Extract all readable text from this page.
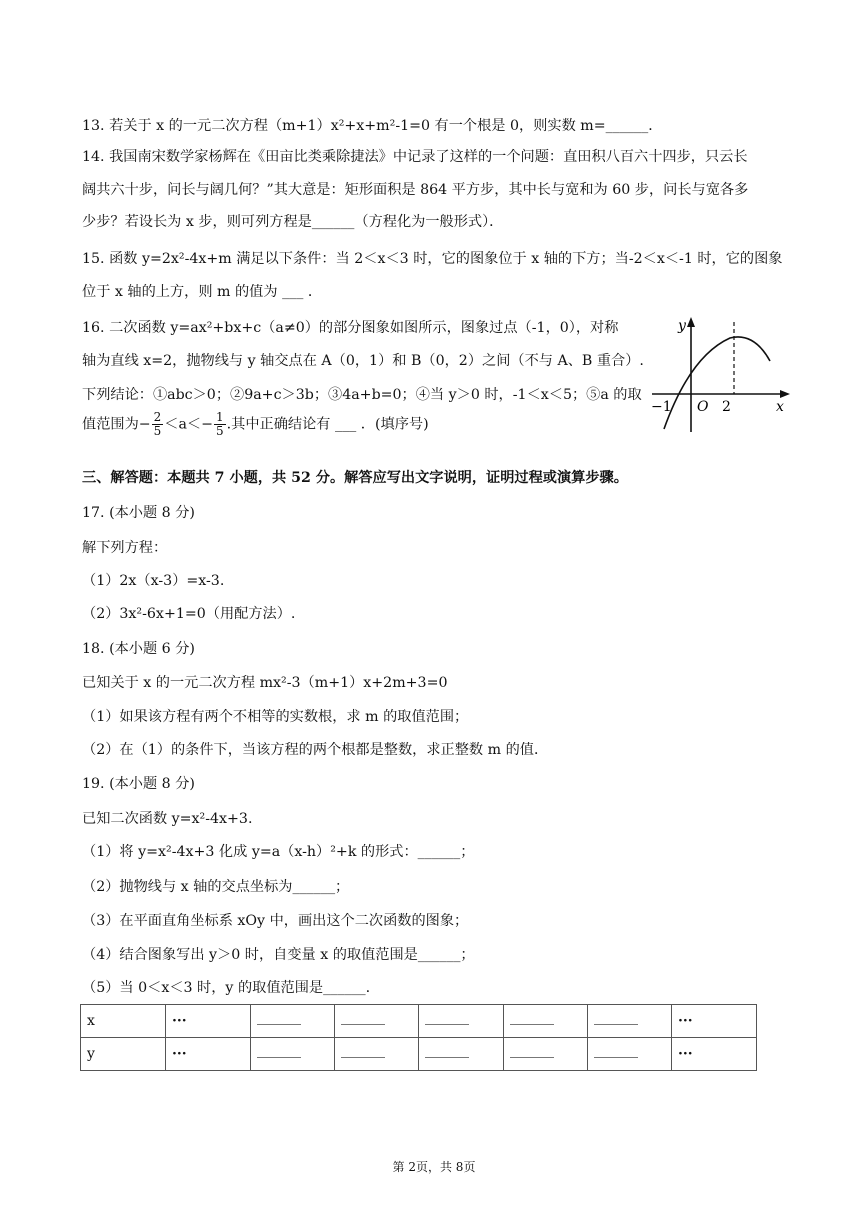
13. 若关于 x 的一元二次方程（m+1）x²+x+m²-1=0 有一个根是 0，则实数 m=______．
14. 我国南宋数学家杨辉在《田亩比类乘除捷法》中记录了这样的一个问题：直田积八百六十四步，只云长
阔共六十步，问长与阔几何？”其大意是：矩形面积是 864 平方步，其中长与宽和为 60 步，问长与宽各多
少步？若设长为 x 步，则可列方程是______（方程化为一般形式）．
15. 函数 y=2x²-4x+m 满足以下条件：当 2＜x＜3 时，它的图象位于 x 轴的下方；当-2＜x＜-1 时，它的图象
位于 x 轴的上方，则 m 的值为 ___ ．
16. 二次函数 y=ax²+bx+c（a≠0）的部分图象如图所示，图象过点（-1，0），对称
轴为直线 x=2，抛物线与 y 轴交点在 A（0，1）和 B（0，2）之间（不与 A、B 重合）.
下列结论：①abc＞0；②9a+c＞3b；③4a+b=0；④当 y＞0 时，-1＜x＜5；⑤a 的取
值范围为− $\frac{2}{5} <a<- \frac{1}{5}$ .其中正确结论有 ___ ．(填序号)
三、解答题：本题共 7 小题，共 52 分。解答应写出文字说明，证明过程或演算步骤。
17. (本小题 8 分)
解下列方程：
（1）2x（x-3）=x-3.
（2）3x²-6x+1=0（用配方法）.
18. (本小题 6 分)
已知关于 x 的一元二次方程 mx²-3（m+1）x+2m+3=0
（1）如果该方程有两个不相等的实数根，求 m 的取值范围；
（2）在（1）的条件下，当该方程的两个根都是整数，求正整数 m 的值．
19. (本小题 8 分)
已知二次函数 y=x²-4x+3.
（1）将 y=x²-4x+3 化成 y=a（x-h）²+k 的形式：______；
（2）抛物线与 x 轴的交点坐标为______；
（3）在平面直角坐标系 xOy 中，画出这个二次函数的图象；
（4）结合图象写出 y＞0 时，自变量 x 的取值范围是______；
（5）当 0＜x＜3 时，y 的取值范围是______.
y
x
O
−1	2
x	···						···
y	···						···
第 2页，共 8页
